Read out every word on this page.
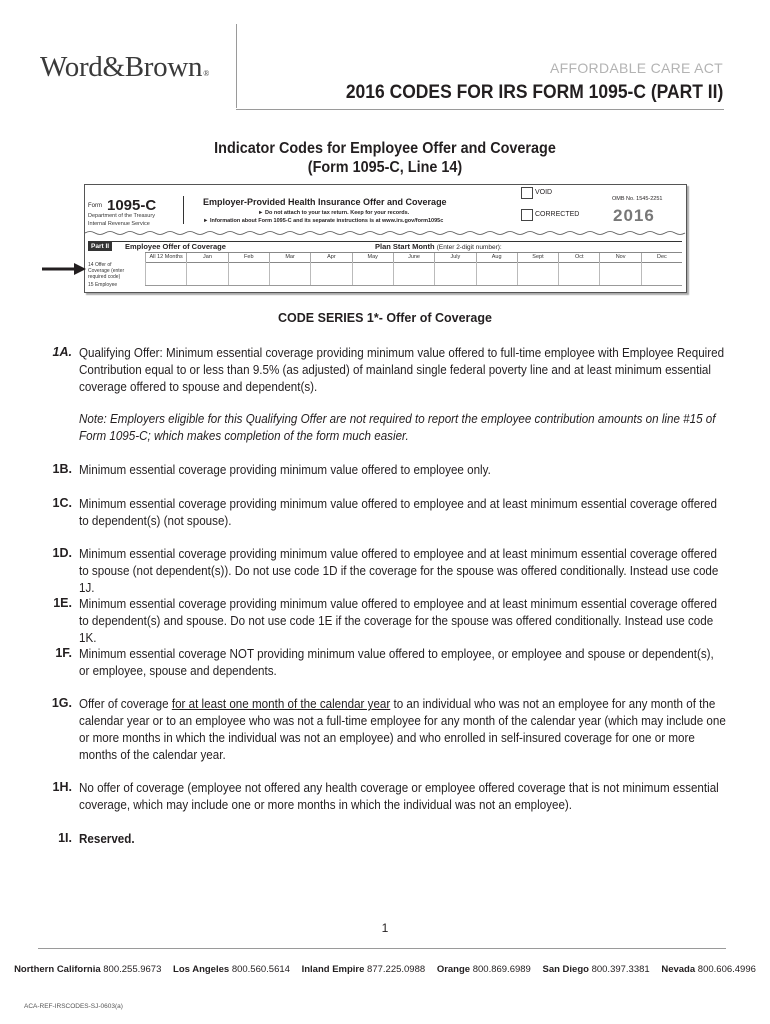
Word&Brown®	AFFORDABLE CARE ACT
2016 CODES FOR IRS FORM 1095-C (PART II)
Indicator Codes for Employee Offer and Coverage
(Form 1095-C, Line 14)
Form 1095-C
Department of the Treasury
Internal Revenue Service
Employer-Provided Health Insurance Offer and Coverage
► Do not attach to your tax return. Keep for your records.
► Information about Form 1095-C and its separate instructions is at www.irs.gov/form1095c
VOID
CORRECTED
OMB No. 1545-2251
2016
Part II	Employee Offer of Coverage	Plan Start Month (Enter 2-digit number):
All 12 Months	Jan	Feb	Mar	Apr	May	June	July	Aug	Sept	Oct	Nov	Dec
14 Offer of
Coverage (enter
required code)
15 Employee
CODE SERIES 1*- Offer of Coverage
1A. Qualifying Offer: Minimum essential coverage providing minimum value offered to full-time employee with Employee Required Contribution equal to or less than 9.5% (as adjusted) of mainland single federal poverty line and at least minimum essential coverage offered to spouse and dependent(s).
Note: Employers eligible for this Qualifying Offer are not required to report the employee contribution amounts on line #15 of Form 1095-C; which makes completion of the form much easier.
1B. Minimum essential coverage providing minimum value offered to employee only.
1C. Minimum essential coverage providing minimum value offered to employee and at least minimum essential coverage offered to dependent(s) (not spouse).
1D. Minimum essential coverage providing minimum value offered to employee and at least minimum essential coverage offered to spouse (not dependent(s)). Do not use code 1D if the coverage for the spouse was offered conditionally. Instead use code 1J.
1E. Minimum essential coverage providing minimum value offered to employee and at least minimum essential coverage offered to dependent(s) and spouse. Do not use code 1E if the coverage for the spouse was offered conditionally. Instead use code 1K.
1F. Minimum essential coverage NOT providing minimum value offered to employee, or employee and spouse or dependent(s), or employee, spouse and dependents.
1G. Offer of coverage for at least one month of the calendar year to an individual who was not an employee for any month of the calendar year or to an employee who was not a full-time employee for any month of the calendar year (which may include one or more months in which the individual was not an employee) and who enrolled in self-insured coverage for one or more months of the calendar year.
1H. No offer of coverage (employee not offered any health coverage or employee offered coverage that is not minimum essential coverage, which may include one or more months in which the individual was not an employee).
1I. Reserved.
1
Northern California 800.255.9673 Los Angeles 800.560.5614 Inland Empire 877.225.0988 Orange 800.869.6989 San Diego 800.397.3381 Nevada 800.606.4996
ACA-REF-IRSCODES-SJ-0603(a)
